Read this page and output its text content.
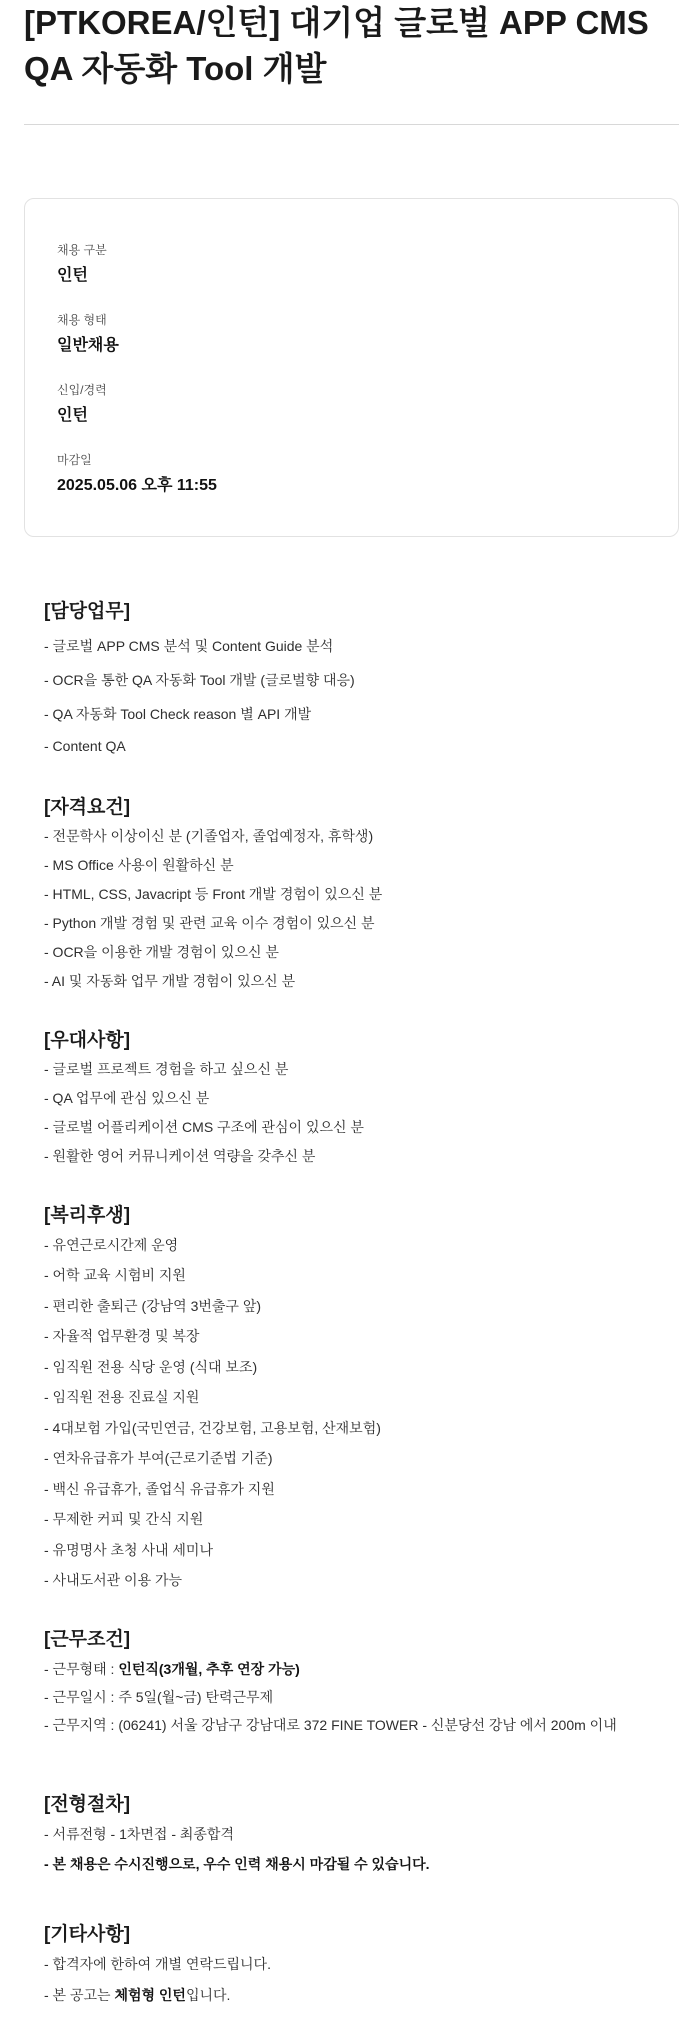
[PTKOREA/인턴] 대기업 글로벌 APP CMS QA 자동화 Tool 개발
채용 구분
인턴
채용 형태
일반채용
신입/경력
인턴
마감일
2025.05.06 오후 11:55
[담당업무]
- 글로벌 APP CMS 분석 및 Content Guide 분석
- OCR을 통한 QA 자동화 Tool 개발 (글로벌향 대응)
- QA 자동화 Tool Check reason 별 API 개발
- Content QA
[자격요건]
- 전문학사 이상이신 분 (기졸업자, 졸업예정자, 휴학생)
- MS Office 사용이 원활하신 분
- HTML, CSS, Javacript 등 Front 개발 경험이 있으신 분
- Python 개발 경험 및 관련 교육 이수 경험이 있으신 분
- OCR을 이용한 개발 경험이 있으신 분
- AI 및 자동화 업무 개발 경험이 있으신 분
[우대사항]
- 글로벌 프로젝트 경험을 하고 싶으신 분
- QA 업무에 관심 있으신 분
- 글로벌 어플리케이션 CMS 구조에 관심이 있으신 분
- 원활한 영어 커뮤니케이션 역량을 갖추신 분
[복리후생]
- 유연근로시간제 운영
- 어학 교육 시험비 지원
- 편리한 출퇴근 (강남역 3번출구 앞)
- 자율적 업무환경 및 복장
- 임직원 전용 식당 운영 (식대 보조)
- 임직원 전용 진료실 지원
- 4대보험 가입(국민연금, 건강보험, 고용보험, 산재보험)
- 연차유급휴가 부여(근로기준법 기준)
- 백신 유급휴가, 졸업식 유급휴가 지원
- 무제한 커피 및 간식 지원
- 유명명사 초청 사내 세미나
- 사내도서관 이용 가능
[근무조건]
- 근무형태 : 인턴직(3개월, 추후 연장 가능)
- 근무일시 : 주 5일(월~금) 탄력근무제
- 근무지역 : (06241) 서울 강남구 강남대로 372 FINE TOWER - 신분당선 강남 에서 200m 이내
[전형절차]
- 서류전형 - 1차면접 - 최종합격
- 본 채용은 수시진행으로, 우수 인력 채용시 마감될 수 있습니다.
[기타사항]
- 합격자에 한하여 개별 연락드립니다.
- 본 공고는 체험형 인턴입니다.
